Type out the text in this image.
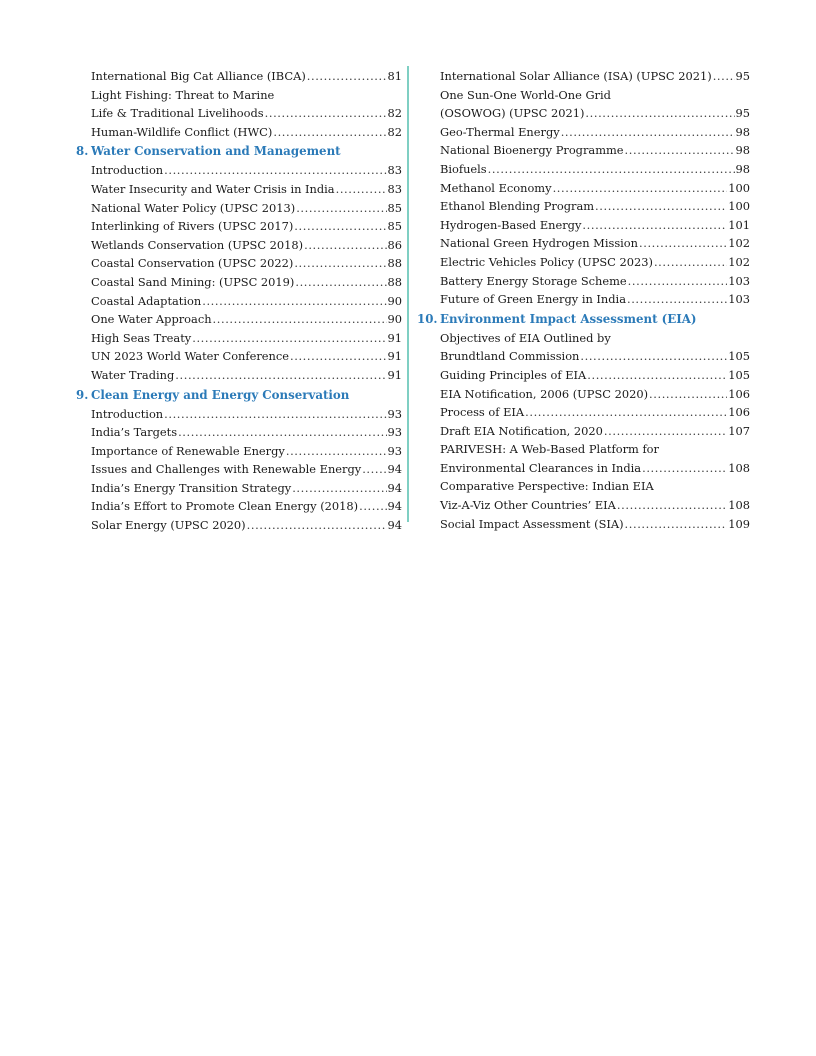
International Big Cat Alliance (IBCA) .....	81
Light Fishing: Threat to Marine
Life & Traditional Livelihoods .....	82
Human-Wildlife Conflict (HWC) .....	82
8. Water Conservation and Management
Introduction .....	83
Water Insecurity and Water Crisis in India .....	83
National Water Policy (UPSC 2013) .....	85
Interlinking of Rivers (UPSC 2017) .....	85
Wetlands Conservation (UPSC 2018) .....	86
Coastal Conservation (UPSC 2022) .....	88
Coastal Sand Mining: (UPSC 2019) .....	88
Coastal Adaptation .....	90
One Water Approach .....	90
High Seas Treaty .....	91
UN 2023 World Water Conference .....	91
Water Trading .....	91
9. Clean Energy and Energy Conservation
Introduction .....	93
India’s Targets .....	93
Importance of Renewable Energy .....	93
Issues and Challenges with Renewable Energy ..... 94
India’s Energy Transition Strategy .....	94
India’s Effort to Promote Clean Energy (2018) .....	94
Solar Energy (UPSC 2020) .....	94
International Solar Alliance (ISA) (UPSC 2021) ..... 95
One Sun-One World-One Grid
(OSOWOG) (UPSC 2021) .....	95
Geo-Thermal Energy .....	98
National Bioenergy Programme .....	98
Biofuels .....	98
Methanol Economy .....	100
Ethanol Blending Program .....	100
Hydrogen-Based Energy .....	101
National Green Hydrogen Mission .....	102
Electric Vehicles Policy (UPSC 2023) .....	102
Battery Energy Storage Scheme .....	103
Future of Green Energy in India .....	103
10. Environment Impact Assessment (EIA)
Objectives of EIA Outlined by
Brundtland Commission .....	105
Guiding Principles of EIA .....	105
EIA Notification, 2006 (UPSC 2020) .....	106
Process of EIA .....	106
Draft EIA Notification, 2020 .....	107
PARIVESH: A Web-Based Platform for
Environmental Clearances in India .....	108
Comparative Perspective: Indian EIA
Viz-A-Viz Other Countries’ EIA .....	108
Social Impact Assessment (SIA) .....	109
